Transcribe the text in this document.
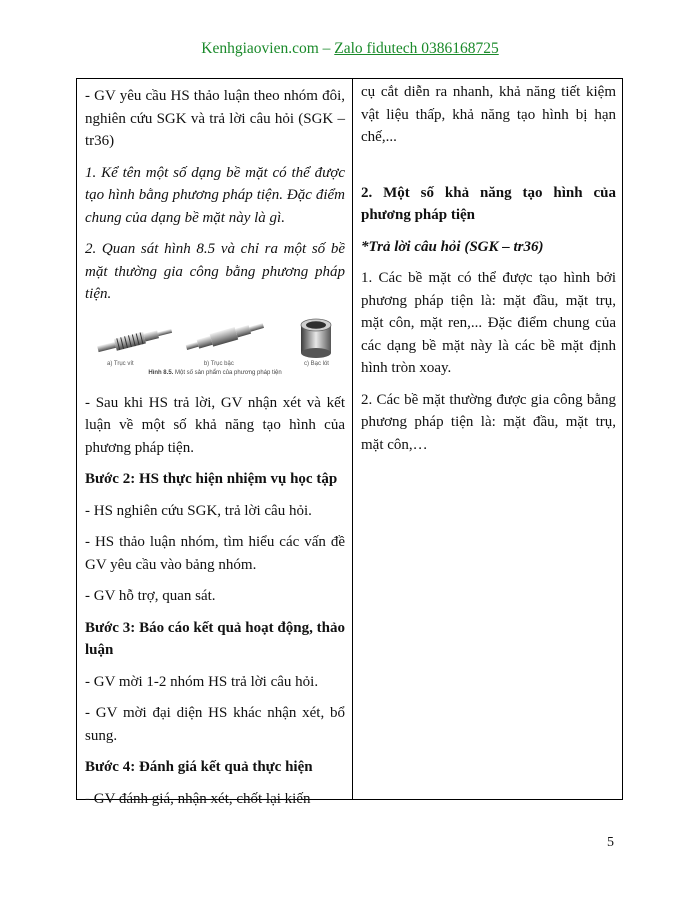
Kenhgiaovien.com – Zalo fidutech 0386168725

- GV yêu cầu HS thảo luận theo nhóm đôi, nghiên cứu SGK và trả lời câu hỏi (SGK – tr36)

1. Kể tên một số dạng bề mặt có thể được tạo hình bằng phương pháp tiện. Đặc điểm chung của dạng bề mặt này là gì.

2. Quan sát hình 8.5 và chỉ ra một số bề mặt thường gia công bằng phương pháp tiện.

a) Trục vít	b) Trục bậc	c) Bạc lót
Hình 8.5. Một số sản phẩm của phương pháp tiện

- Sau khi HS trả lời, GV nhận xét và kết luận về một số khả năng tạo hình của phương pháp tiện.

Bước 2: HS thực hiện nhiệm vụ học tập

- HS nghiên cứu SGK, trả lời câu hỏi.

- HS thảo luận nhóm, tìm hiểu các vấn đề GV yêu cầu vào bảng nhóm.

- GV hỗ trợ, quan sát.

Bước 3: Báo cáo kết quả hoạt động, thảo luận

- GV mời 1-2 nhóm HS trả lời câu hỏi.

- GV mời đại diện HS khác nhận xét, bổ sung.

Bước 4: Đánh giá kết quả thực hiện

- GV đánh giá, nhận xét, chốt lại kiến

cụ cắt diễn ra nhanh, khả năng tiết kiệm vật liệu thấp, khả năng tạo hình bị hạn chế,...

2. Một số khả năng tạo hình của phương pháp tiện

*Trả lời câu hỏi (SGK – tr36)

1. Các bề mặt có thể được tạo hình bởi phương pháp tiện là: mặt đầu, mặt trụ, mặt côn, mặt ren,... Đặc điểm chung của các dạng bề mặt này là các bề mặt định hình tròn xoay.

2. Các bề mặt thường được gia công bằng phương pháp tiện là: mặt đầu, mặt trụ, mặt côn,…

5
